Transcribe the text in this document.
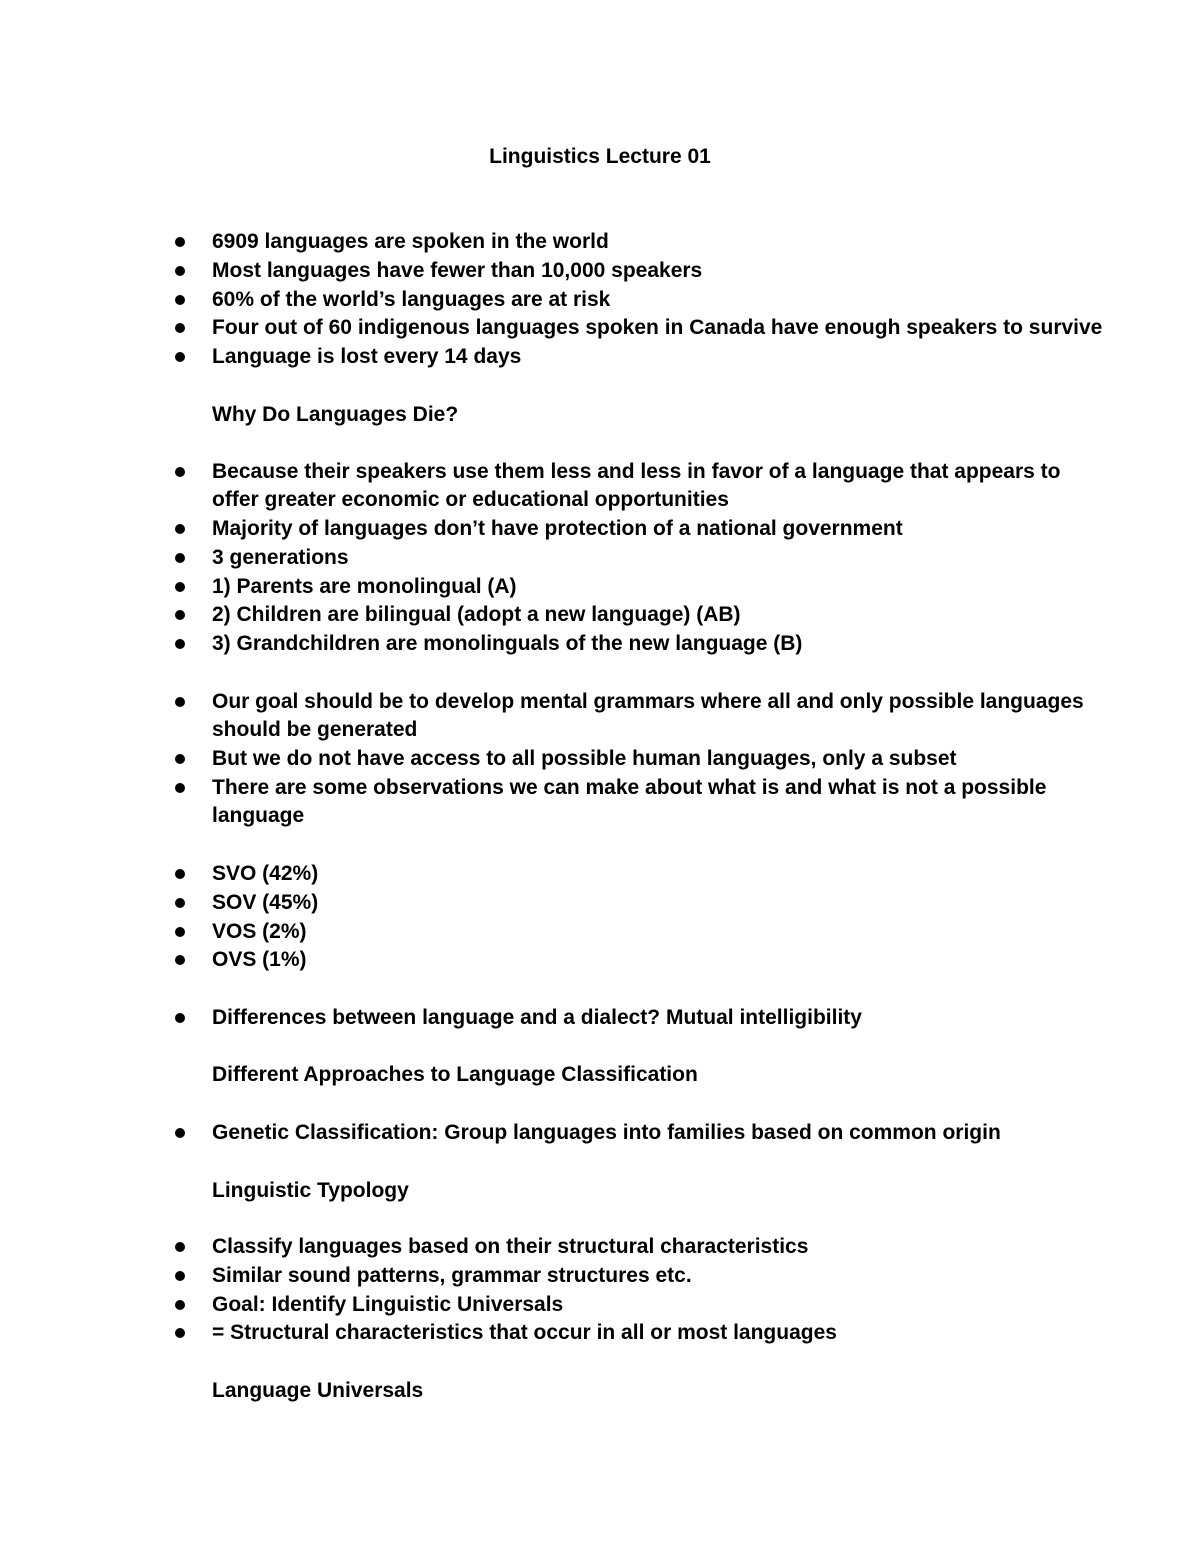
Linguistics Lecture 01
6909 languages are spoken in the world
Most languages have fewer than 10,000 speakers
60% of the world’s languages are at risk
Four out of 60 indigenous languages spoken in Canada have enough speakers to survive
Language is lost every 14 days
Why Do Languages Die?
Because their speakers use them less and less in favor of a language that appears to
offer greater economic or educational opportunities
Majority of languages don’t have protection of a national government
3 generations
1) Parents are monolingual (A)
2) Children are bilingual (adopt a new language) (AB)
3) Grandchildren are monolinguals of the new language (B)
Our goal should be to develop mental grammars where all and only possible languages
should be generated
But we do not have access to all possible human languages, only a subset
There are some observations we can make about what is and what is not a possible
language
SVO (42%)
SOV (45%)
VOS (2%)
OVS (1%)
Differences between language and a dialect? Mutual intelligibility
Different Approaches to Language Classification
Genetic Classification: Group languages into families based on common origin
Linguistic Typology
Classify languages based on their structural characteristics
Similar sound patterns, grammar structures etc.
Goal: Identify Linguistic Universals
= Structural characteristics that occur in all or most languages
Language Universals
